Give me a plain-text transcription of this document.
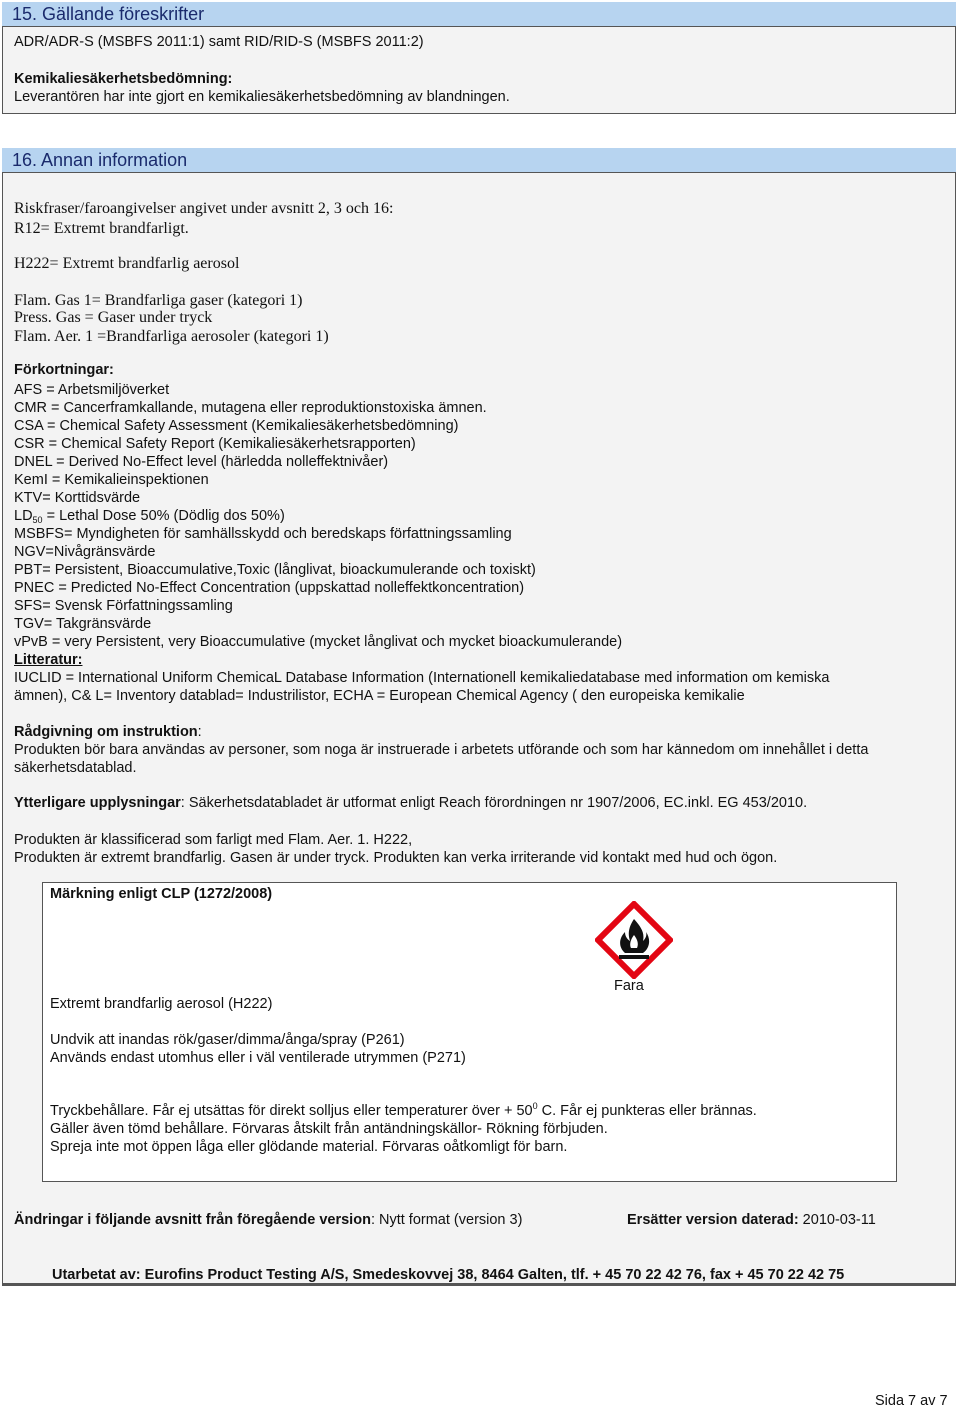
15. Gällande föreskrifter
ADR/ADR-S (MSBFS 2011:1) samt RID/RID-S (MSBFS 2011:2)
Kemikaliesäkerhetsbedömning:
Leverantören har inte gjort en kemikaliesäkerhetsbedömning av blandningen.
16. Annan information
Riskfraser/faroangivelser angivet under avsnitt 2, 3 och 16:
R12= Extremt brandfarligt.
H222= Extremt brandfarlig aerosol
Flam. Gas 1= Brandfarliga gaser (kategori 1)
Press. Gas = Gaser under tryck
Flam. Aer. 1 =Brandfarliga aerosoler (kategori 1)
Förkortningar:
AFS = Arbetsmiljöverket
CMR = Cancerframkallande, mutagena eller reproduktionstoxiska ämnen.
CSA = Chemical Safety Assessment (Kemikaliesäkerhetsbedömning)
CSR = Chemical Safety Report (Kemikaliesäkerhetsrapporten)
DNEL = Derived No-Effect level (härledda nolleffektnivåer)
KemI = Kemikalieinspektionen
KTV= Korttidsvärde
$LD_{50}$ = Lethal Dose 50% (Dödlig dos 50%)
MSBFS= Myndigheten för samhällsskydd och beredskaps författningssamling
NGV=Nivågränsvärde
PBT= Persistent, Bioaccumulative,Toxic (långlivat, bioackumulerande och toxiskt)
PNEC = Predicted No-Effect Concentration (uppskattad nolleffektkoncentration)
SFS= Svensk Författningssamling
TGV= Takgränsvärde
vPvB = very Persistent, very Bioaccumulative (mycket långlivat och mycket bioackumulerande)
Litteratur:
IUCLID = International Uniform ChemicaL Database Information (Internationell kemikaliedatabase med information om kemiska
ämnen), C& L= Inventory datablad= Industrilistor, ECHA = European Chemical Agency ( den europeiska kemikalie
Rådgivning om instruktion:
Produkten bör bara användas av personer, som noga är instruerade i arbetets utförande och som har kännedom om innehållet i detta
säkerhetsdatablad.
Ytterligare upplysningar: Säkerhetsdatabladet är utformat enligt Reach förordningen nr 1907/2006, EC.inkl. EG 453/2010.
Produkten är klassificerad som farligt med Flam. Aer. 1. H222,
Produkten är extremt brandfarlig. Gasen är under tryck. Produkten kan verka irriterande vid kontakt med hud och ögon.
Ändringar i följande avsnitt från föregående version: Nytt format (version 3)	Ersätter version daterad: 2010-03-11
Märkning enligt CLP (1272/2008)
Fara
Extremt brandfarlig aerosol (H222)
Undvik att inandas rök/gaser/dimma/ånga/spray (P261)
Används endast utomhus eller i väl ventilerade utrymmen (P271)
Tryckbehållare. Får ej utsättas för direkt solljus eller temperaturer över + $50^0$ C. Får ej punkteras eller brännas.
Gäller även tömd behållare. Förvaras åtskilt från antändningskällor- Rökning förbjuden.
Spreja inte mot öppen låga eller glödande material. Förvaras oåtkomligt för barn.
Utarbetat av: Eurofins Product Testing A/S, Smedeskovvej 38, 8464 Galten, tlf. + 45 70 22 42 76, fax + 45 70 22 42 75
Sida 7 av 7
